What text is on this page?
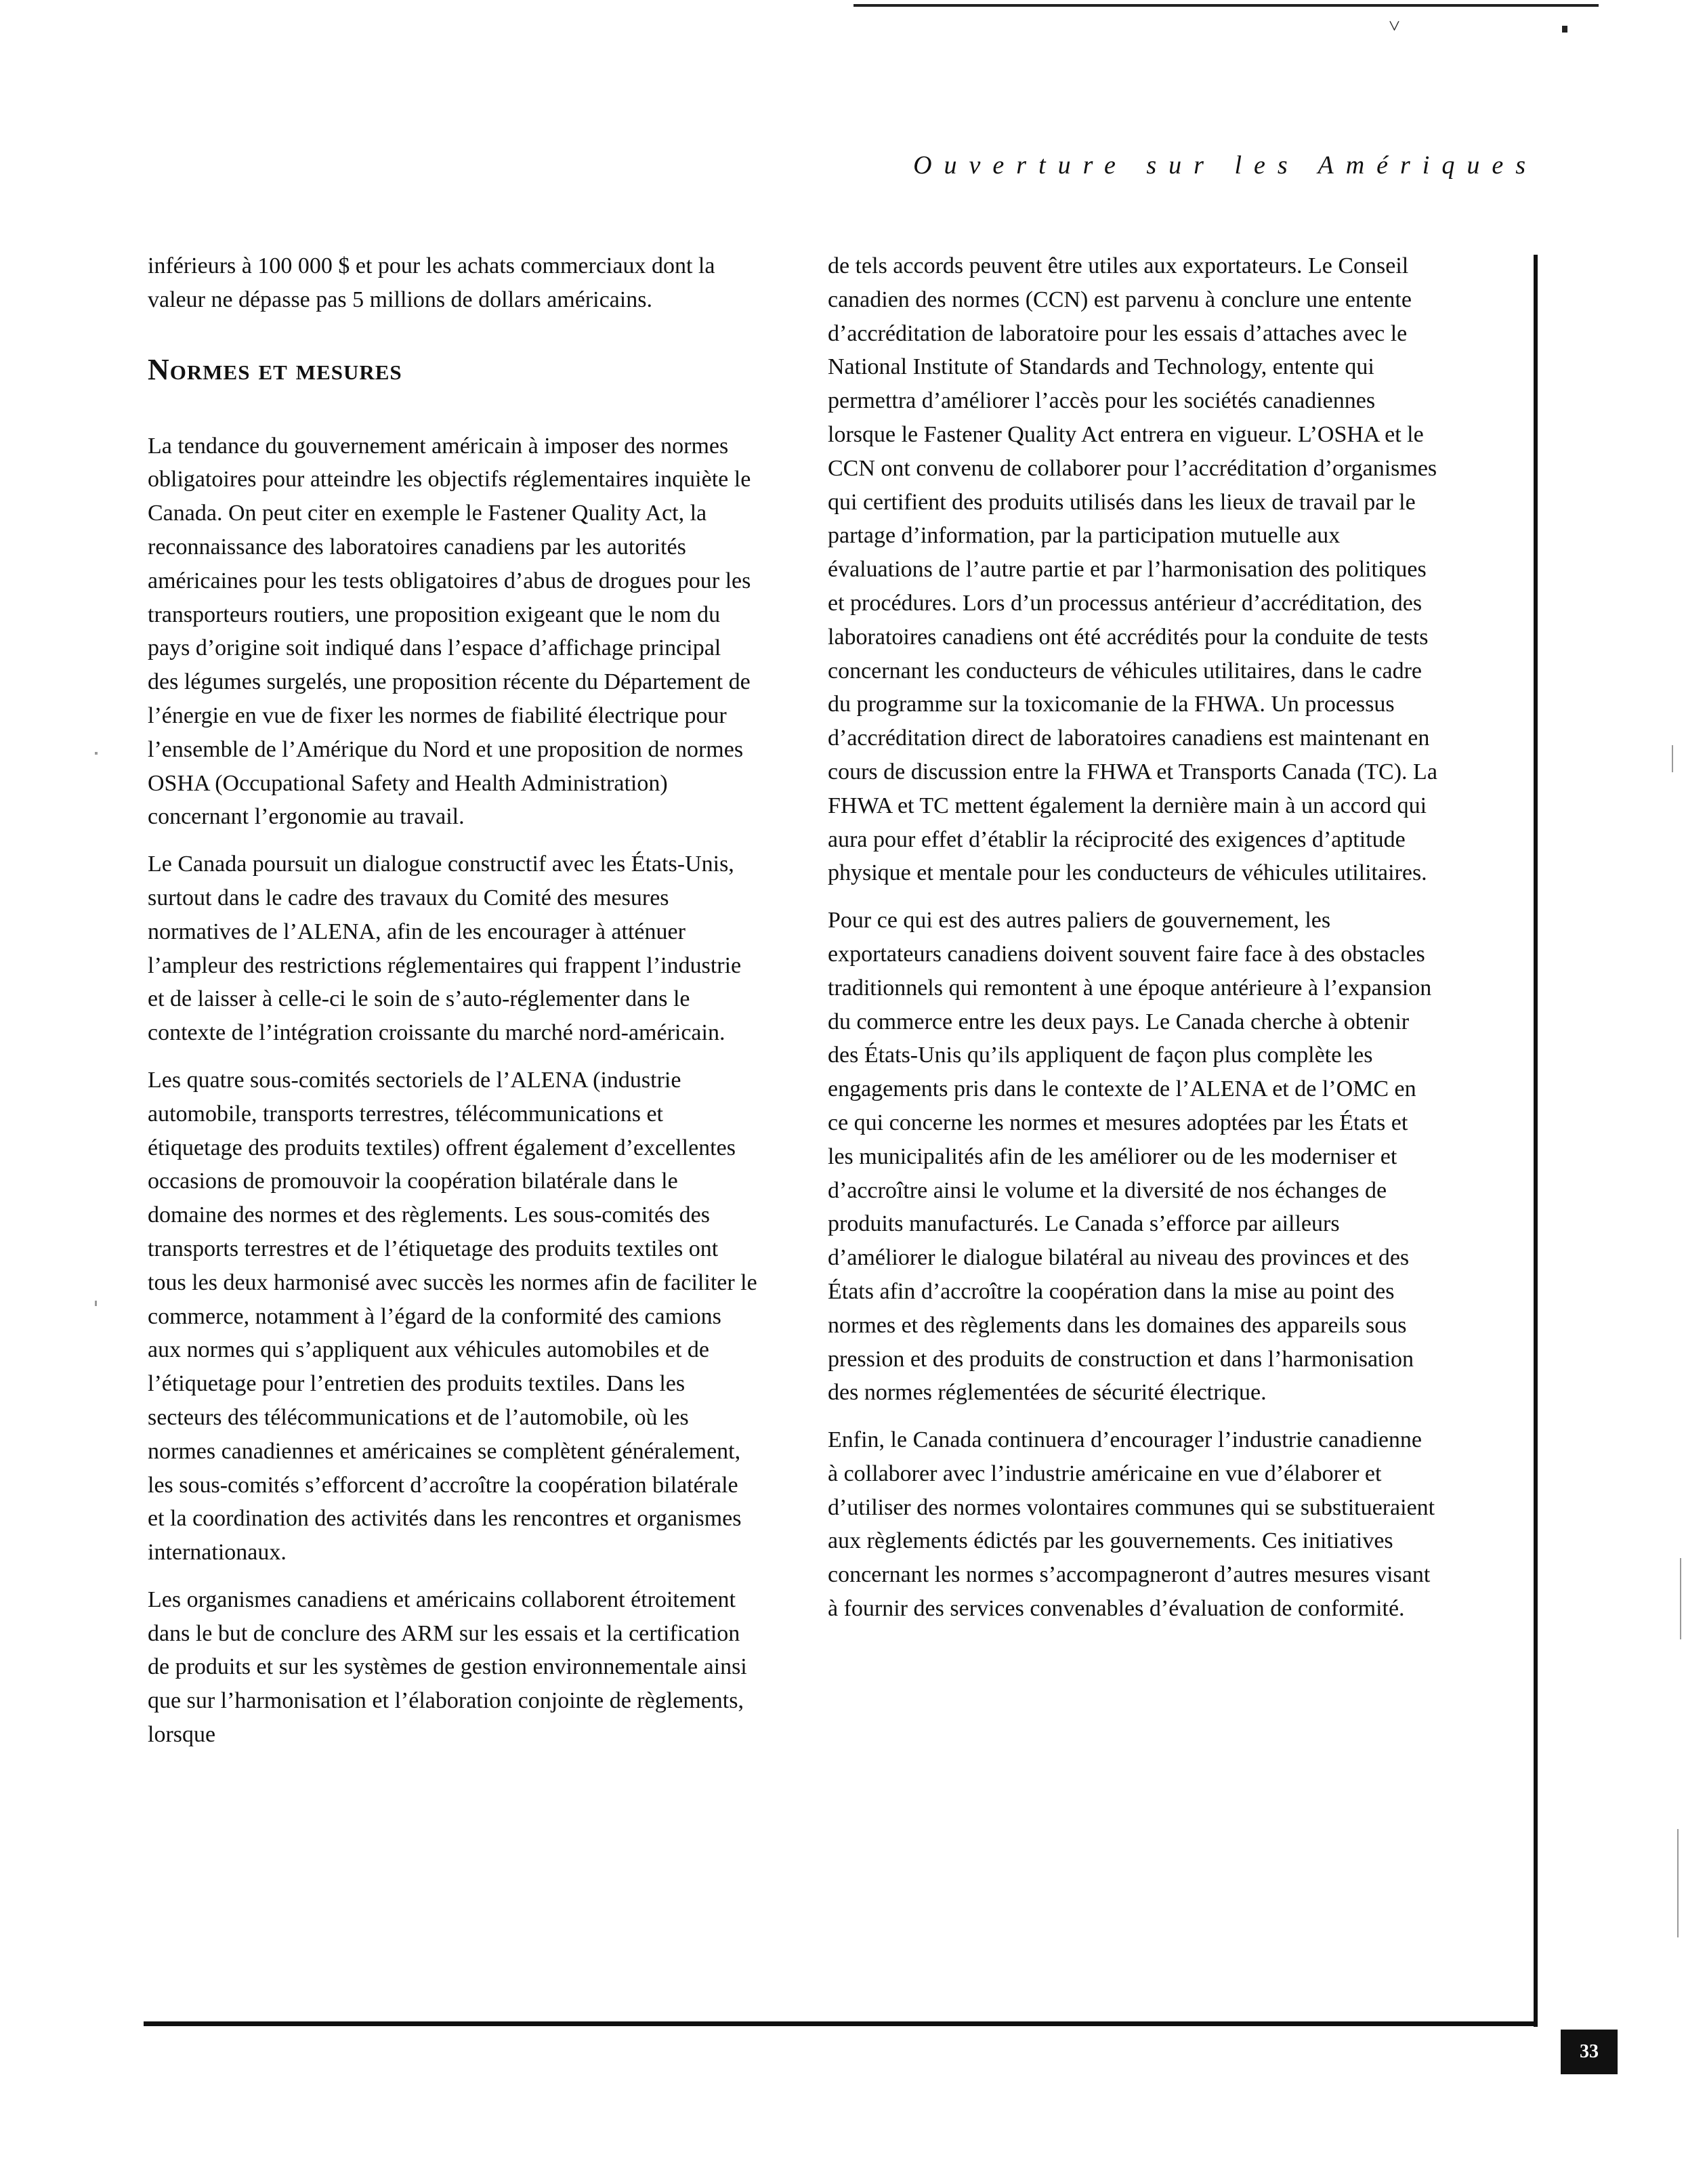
˅
Ouverture sur les Amériques

inférieurs à 100 000 $ et pour les achats commerciaux dont la valeur ne dépasse pas 5 millions de dollars américains.

Normes et mesures

La tendance du gouvernement américain à imposer des normes obligatoires pour atteindre les objectifs réglementaires inquiète le Canada. On peut citer en exemple le Fastener Quality Act, la reconnaissance des laboratoires canadiens par les autorités américaines pour les tests obligatoires d’abus de drogues pour les transporteurs routiers, une proposition exigeant que le nom du pays d’origine soit indiqué dans l’espace d’affichage principal des légumes surgelés, une proposition récente du Département de l’énergie en vue de fixer les normes de fiabilité électrique pour l’ensemble de l’Amérique du Nord et une proposition de normes OSHA (Occupational Safety and Health Administration) concernant l’ergonomie au travail.

Le Canada poursuit un dialogue constructif avec les États-Unis, surtout dans le cadre des travaux du Comité des mesures normatives de l’ALENA, afin de les encourager à atténuer l’ampleur des restrictions réglementaires qui frappent l’industrie et de laisser à celle-ci le soin de s’auto-réglementer dans le contexte de l’intégration croissante du marché nord-américain.

Les quatre sous-comités sectoriels de l’ALENA (industrie automobile, transports terrestres, télécommunications et étiquetage des produits textiles) offrent également d’excellentes occasions de promouvoir la coopération bilatérale dans le domaine des normes et des règlements. Les sous-comités des transports terrestres et de l’étiquetage des produits textiles ont tous les deux harmonisé avec succès les normes afin de faciliter le commerce, notamment à l’égard de la conformité des camions aux normes qui s’appliquent aux véhicules automobiles et de l’étiquetage pour l’entretien des produits textiles. Dans les secteurs des télécommunications et de l’automobile, où les normes canadiennes et américaines se complètent généralement, les sous-comités s’efforcent d’accroître la coopération bilatérale et la coordination des activités dans les rencontres et organismes internationaux.

Les organismes canadiens et américains collaborent étroitement dans le but de conclure des ARM sur les essais et la certification de produits et sur les systèmes de gestion environnementale ainsi que sur l’harmonisation et l’élaboration conjointe de règlements, lorsque

de tels accords peuvent être utiles aux exportateurs. Le Conseil canadien des normes (CCN) est parvenu à conclure une entente d’accréditation de laboratoire pour les essais d’attaches avec le National Institute of Standards and Technology, entente qui permettra d’améliorer l’accès pour les sociétés canadiennes lorsque le Fastener Quality Act entrera en vigueur. L’OSHA et le CCN ont convenu de collaborer pour l’accréditation d’organismes qui certifient des produits utilisés dans les lieux de travail par le partage d’information, par la participation mutuelle aux évaluations de l’autre partie et par l’harmonisation des politiques et procédures. Lors d’un processus antérieur d’accréditation, des laboratoires canadiens ont été accrédités pour la conduite de tests concernant les conducteurs de véhicules utilitaires, dans le cadre du programme sur la toxicomanie de la FHWA. Un processus d’accréditation direct de laboratoires canadiens est maintenant en cours de discussion entre la FHWA et Transports Canada (TC). La FHWA et TC mettent également la dernière main à un accord qui aura pour effet d’établir la réciprocité des exigences d’aptitude physique et mentale pour les conducteurs de véhicules utilitaires.

Pour ce qui est des autres paliers de gouvernement, les exportateurs canadiens doivent souvent faire face à des obstacles traditionnels qui remontent à une époque antérieure à l’expansion du commerce entre les deux pays. Le Canada cherche à obtenir des États-Unis qu’ils appliquent de façon plus complète les engagements pris dans le contexte de l’ALENA et de l’OMC en ce qui concerne les normes et mesures adoptées par les États et les municipalités afin de les améliorer ou de les moderniser et d’accroître ainsi le volume et la diversité de nos échanges de produits manufacturés. Le Canada s’efforce par ailleurs d’améliorer le dialogue bilatéral au niveau des provinces et des États afin d’accroître la coopération dans la mise au point des normes et des règlements dans les domaines des appareils sous pression et des produits de construction et dans l’harmonisation des normes réglementées de sécurité électrique.

Enfin, le Canada continuera d’encourager l’industrie canadienne à collaborer avec l’industrie américaine en vue d’élaborer et d’utiliser des normes volontaires communes qui se substitueraient aux règlements édictés par les gouvernements. Ces initiatives concernant les normes s’accompagneront d’autres mesures visant à fournir des services convenables d’évaluation de conformité.

33
